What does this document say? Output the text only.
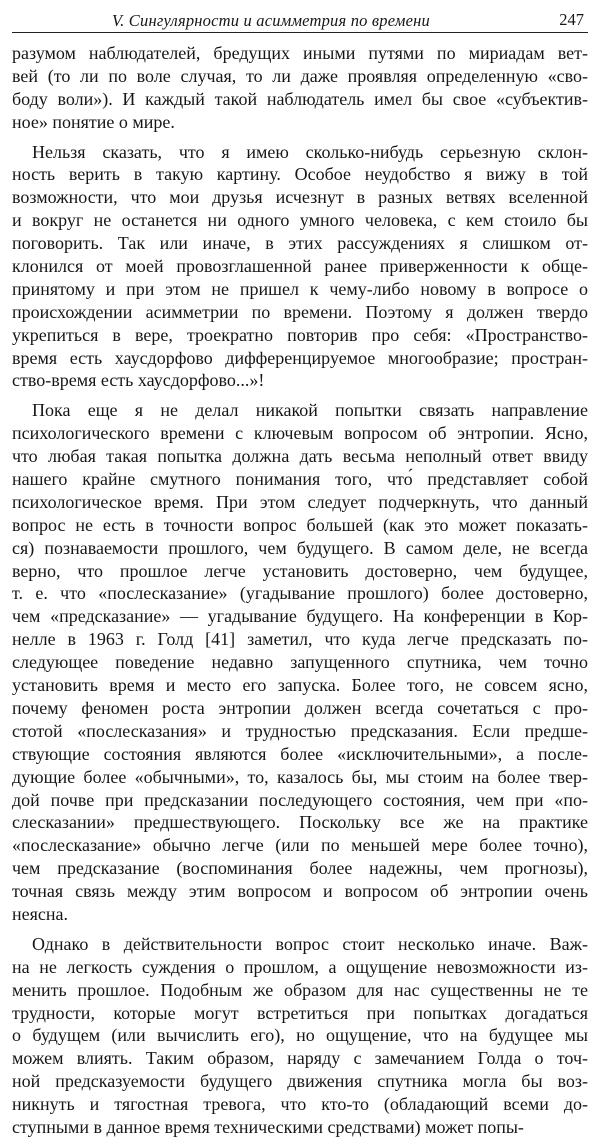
V. Сингулярности и асимметрия по времени	247
разумом наблюдателей, бредущих иными путями по мириадам вет-
вей (то ли по воле случая, то ли даже проявляя определенную «сво-
боду воли»). И каждый такой наблюдатель имел бы свое «субъектив-
ное» понятие о мире.
Нельзя сказать, что я имею сколько-нибудь серьезную склон-
ность верить в такую картину. Особое неудобство я вижу в той
возможности, что мои друзья исчезнут в разных ветвях вселенной
и вокруг не останется ни одного умного человека, с кем стоило бы
поговорить. Так или иначе, в этих рассуждениях я слишком от-
клонился от моей провозглашенной ранее приверженности к обще-
принятому и при этом не пришел к чему-либо новому в вопросе о
происхождении асимметрии по времени. Поэтому я должен твердо
укрепиться в вере, троекратно повторив про себя: «Пространство-
время есть хаусдорфово дифференцируемое многообразие; простран-
ство-время есть хаусдорфово...»!
Пока еще я не делал никакой попытки связать направление
психологического времени с ключевым вопросом об энтропии. Ясно,
что любая такая попытка должна дать весьма неполный ответ ввиду
нашего крайне смутного понимания того, что́ представляет собой
психологическое время. При этом следует подчеркнуть, что данный
вопрос не есть в точности вопрос большей (как это может показать-
ся) познаваемости прошлого, чем будущего. В самом деле, не всегда
верно, что прошлое легче установить достоверно, чем будущее,
т. е. что «послесказание» (угадывание прошлого) более достоверно,
чем «предсказание» — угадывание будущего. На конференции в Кор-
нелле в 1963 г. Голд [41] заметил, что куда легче предсказать по-
следующее поведение недавно запущенного спутника, чем точно
установить время и место его запуска. Более того, не совсем ясно,
почему феномен роста энтропии должен всегда сочетаться с про-
стотой «послесказания» и трудностью предсказания. Если предше-
ствующие состояния являются более «исключительными», а после-
дующие более «обычными», то, казалось бы, мы стоим на более твер-
дой почве при предсказании последующего состояния, чем при «по-
слесказании» предшествующего. Поскольку все же на практике
«послесказание» обычно легче (или по меньшей мере более точно),
чем предсказание (воспоминания более надежны, чем прогнозы),
точная связь между этим вопросом и вопросом об энтропии очень
неясна.
Однако в действительности вопрос стоит несколько иначе. Важ-
на не легкость суждения о прошлом, а ощущение невозможности из-
менить прошлое. Подобным же образом для нас существенны не те
трудности, которые могут встретиться при попытках догадаться
о будущем (или вычислить его), но ощущение, что на будущее мы
можем влиять. Таким образом, наряду с замечанием Голда о точ-
ной предсказуемости будущего движения спутника могла бы воз-
никнуть и тягостная тревога, что кто-то (обладающий всеми до-
ступными в данное время техническими средствами) может попы-
